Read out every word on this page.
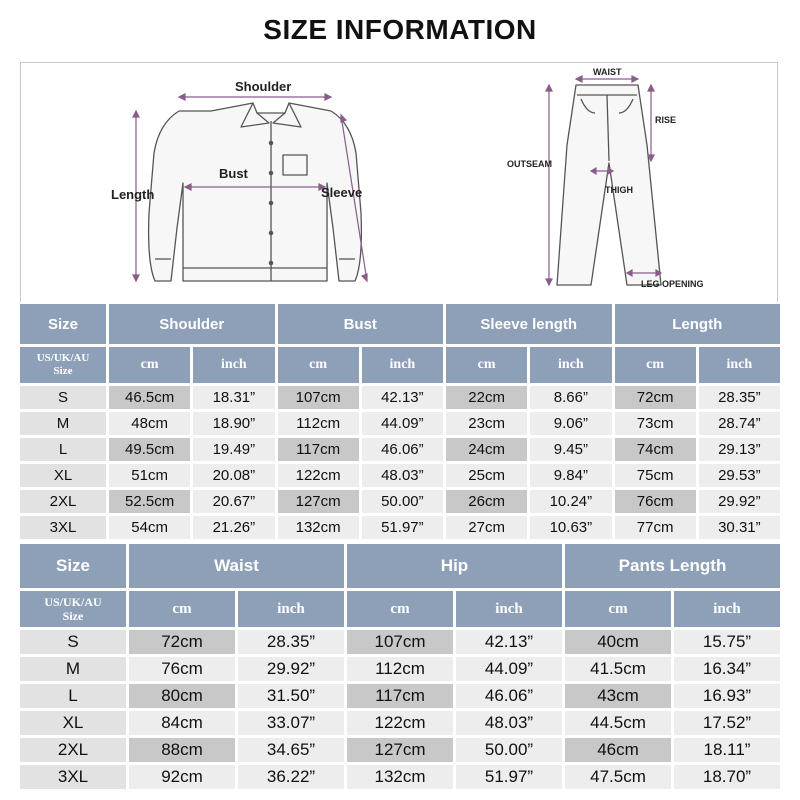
SIZE INFORMATION
Shoulder
Bust
Length	Sleeve
WAIST
RISE
OUTSEAM
THIGH
LEG OPENING
Size	Shoulder		Bust		Sleeve length		Length	
US/UK/AU
Size	cm	inch	cm	inch	cm	inch	cm	inch
S	46.5cm	18.31”	107cm	42.13”	22cm	8.66”	72cm	28.35”
M	48cm	18.90”	112cm	44.09”	23cm	9.06”	73cm	28.74”
L	49.5cm	19.49”	117cm	46.06”	24cm	9.45”	74cm	29.13”
XL	51cm	20.08”	122cm	48.03”	25cm	9.84”	75cm	29.53”
2XL	52.5cm	20.67”	127cm	50.00”	26cm	10.24”	76cm	29.92”
3XL	54cm	21.26”	132cm	51.97”	27cm	10.63”	77cm	30.31”
Size	Waist		Hip		Pants Length	
US/UK/AU
Size	cm	inch	cm	inch	cm	inch
S	72cm	28.35”	107cm	42.13”	40cm	15.75”
M	76cm	29.92”	112cm	44.09”	41.5cm	16.34”
L	80cm	31.50”	117cm	46.06”	43cm	16.93”
XL	84cm	33.07”	122cm	48.03”	44.5cm	17.52”
2XL	88cm	34.65”	127cm	50.00”	46cm	18.11”
3XL	92cm	36.22”	132cm	51.97”	47.5cm	18.70”
